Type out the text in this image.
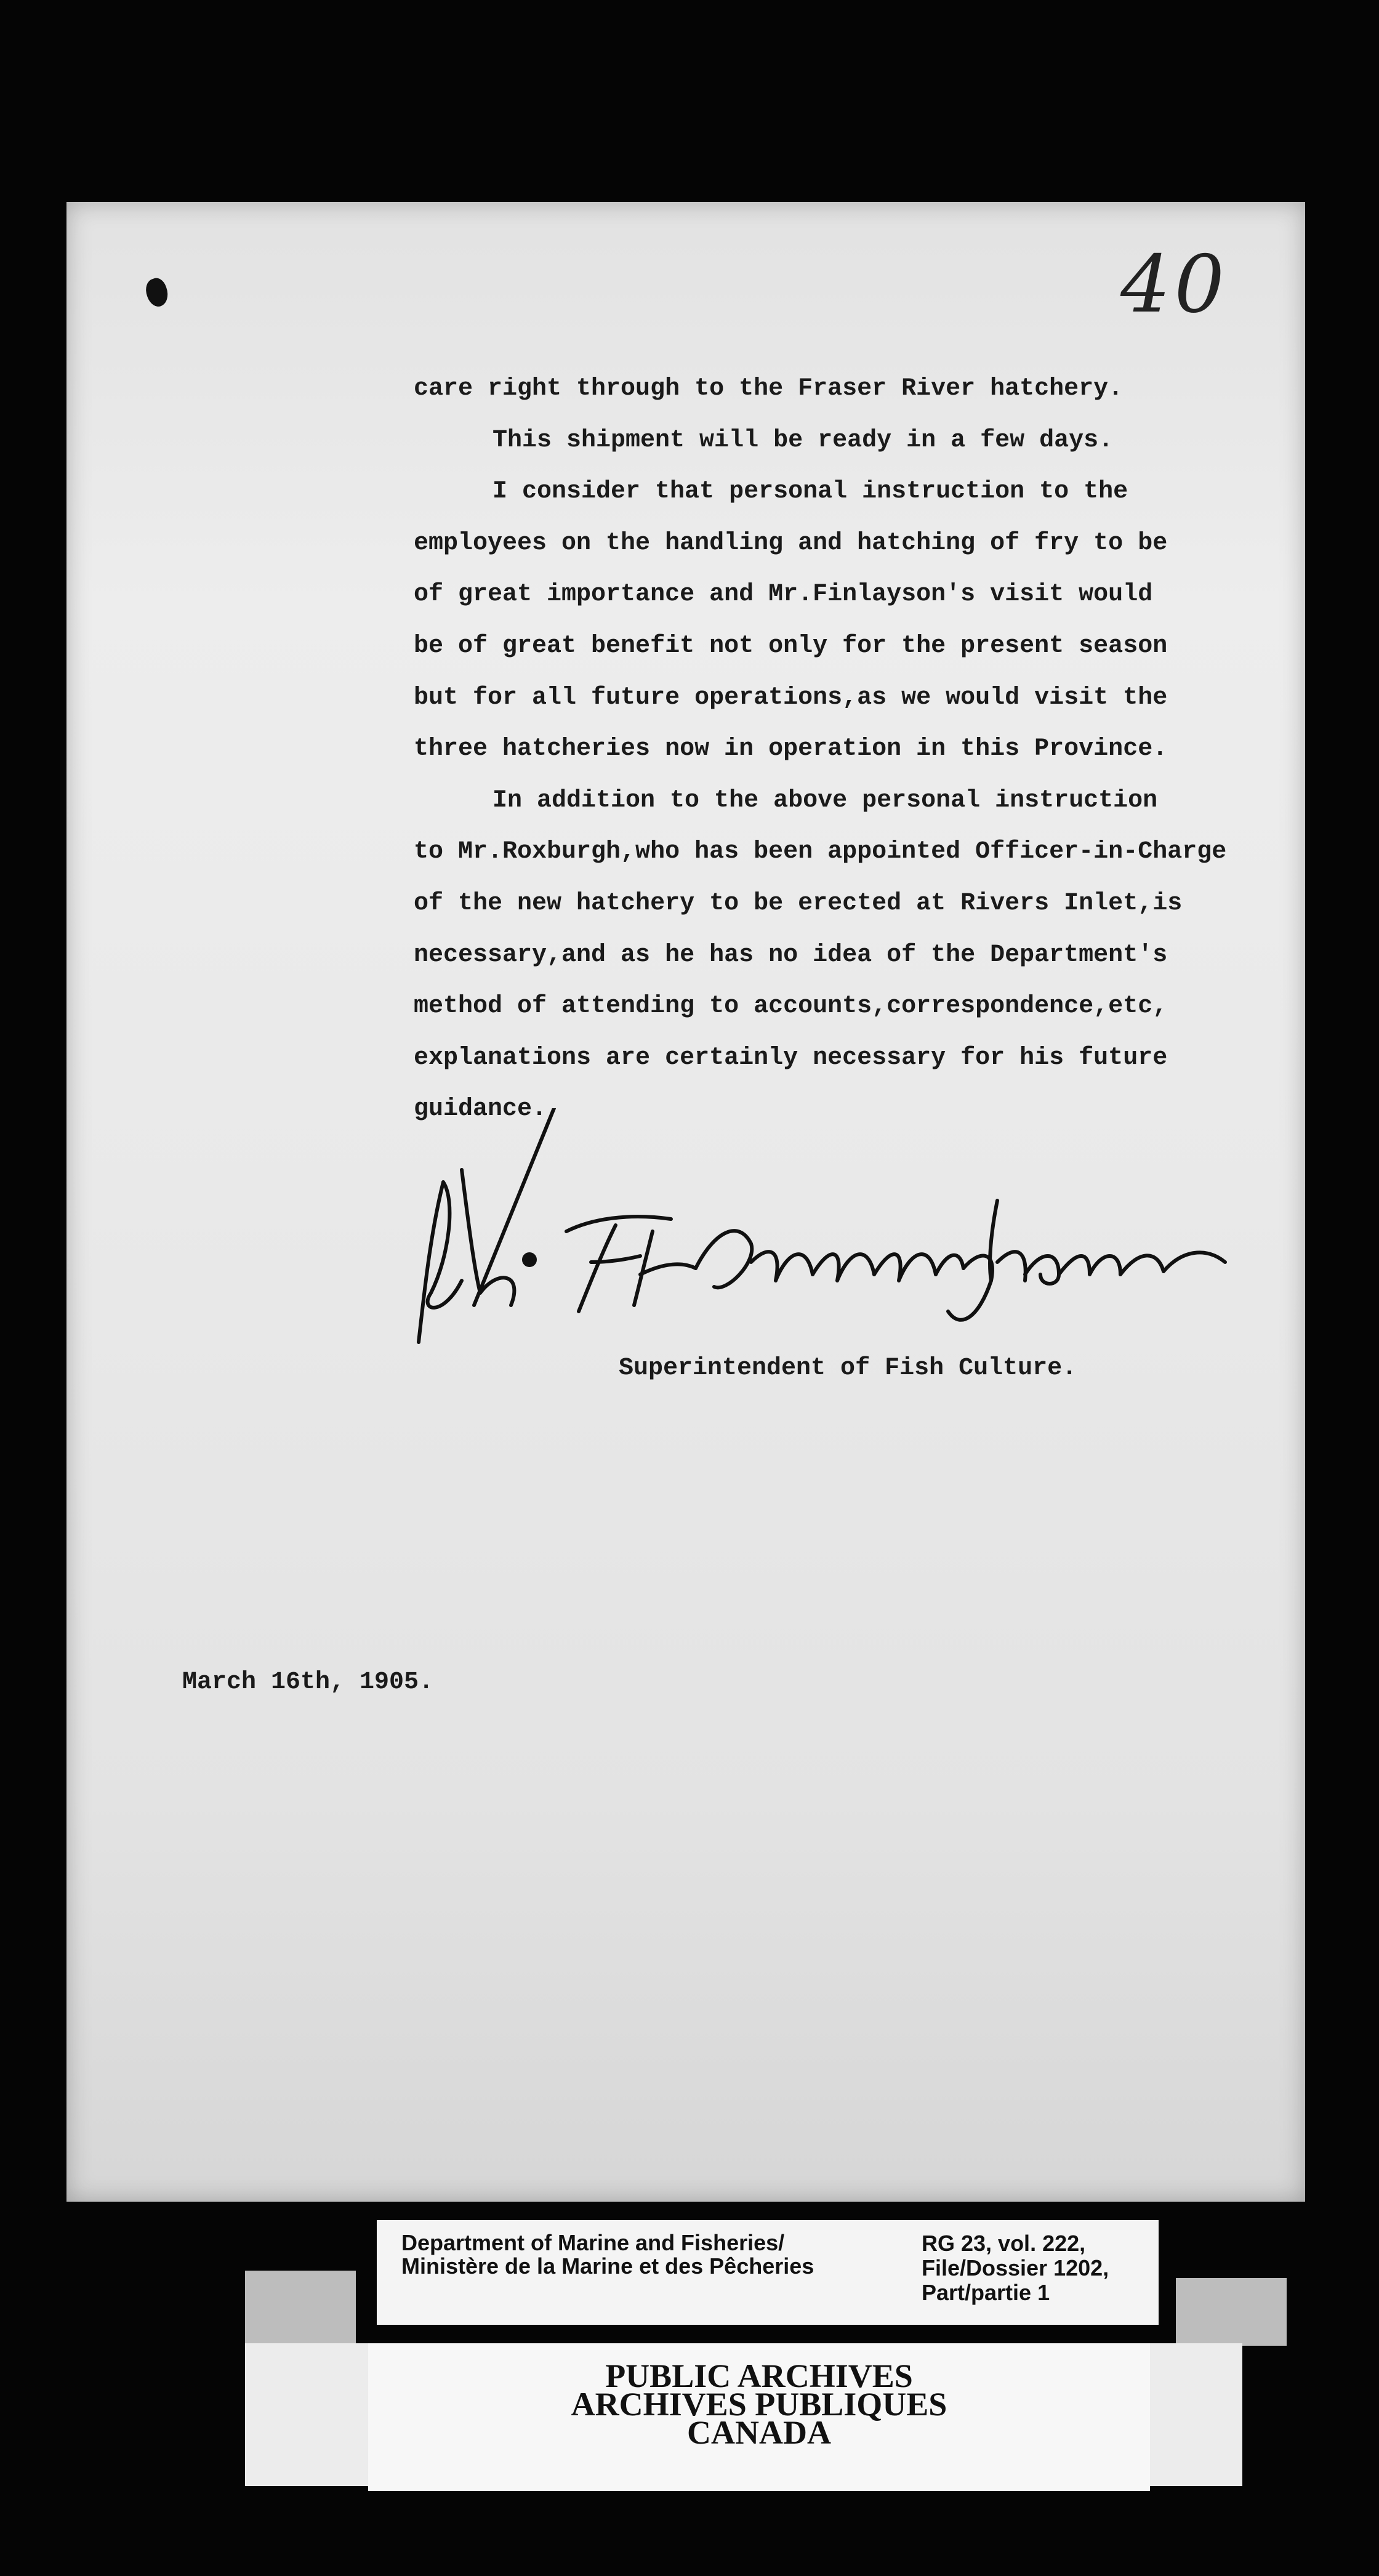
40
care right through to the Fraser River hatchery.
This shipment will be ready in a few days.
I consider that personal instruction to the
employees on the handling and hatching of fry to be
of great importance and Mr.Finlayson's visit would
be of great benefit not only for the present season
but for all future operations,as we would visit the
three hatcheries now in operation in this Province.
In addition to the above personal instruction
to Mr.Roxburgh,who has been appointed Officer-in-Charge
of the new hatchery to be erected at Rivers Inlet,is
necessary,and as he has no idea of the Department's
method of attending to accounts,correspondence,etc,
explanations are certainly necessary for his future
guidance.
Superintendent of Fish Culture.
March 16th, 1905.
Department of Marine and Fisheries/
Ministère de la Marine et des Pêcheries
RG 23, vol. 222,
File/Dossier 1202,
Part/partie 1
PUBLIC ARCHIVES
ARCHIVES PUBLIQUES
CANADA
